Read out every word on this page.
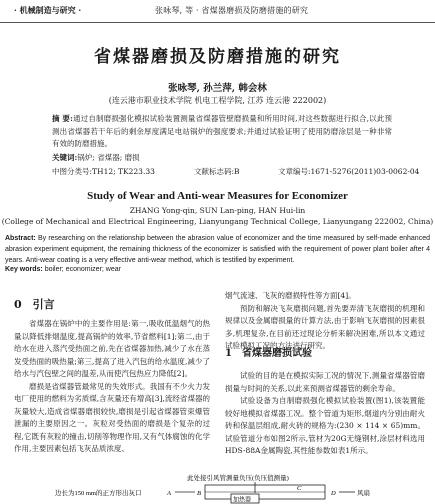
· 机械制造与研究 ·	张咏琴, 等 · 省煤器磨损及防磨措施的研究
省煤器磨损及防磨措施的研究
张咏琴, 孙兰萍, 韩会林
(连云港市职业技术学院 机电工程学院, 江苏 连云港 222002)
摘 要:通过自制磨损强化模拟试验装置测量省煤器管壁磨损量和所用时间,对这些数据进行拟合,以此预测出省煤器若干年后的剩余厚度满足电站锅炉的强度要求;并通过试验证明了使用防磨涂层是一种非常有效的防磨措施。
关键词:锅炉; 省煤器; 磨损
中图分类号:TH12; TK223.33	文献标志码:B	文章编号:1671-5276(2011)03-0062-04
Study of Wear and Anti-wear Measures for Economizer
ZHANG Yong-qin, SUN Lan-ping, HAN Hui-lin
(College of Mechanical and Electrical Engineering, Lianyungang Technical College, Lianyungang 222002, China)
Abstract: By researching on the relationship between the abrasion value of economizer and the time measured by self-made enhanced abrasion experiment equipment, the remaining thickness of the economizer is satisfied with the requirement of power plant boiler after 4 years. Anti-wear coating is a very effective anti-wear method, which is testified by experiment.
Key words: boiler; economizer; wear
0　引言
省煤器在锅炉中的主要作用是:第一,吸收低温烟气的热量以降低排烟温度,提高锅炉的效率,节省燃料[1];第二,由于给水在进入蒸汽受热面之前,先在省煤器加热,减少了水在蒸发受热面的吸热量;第三,提高了进入汽包的给水温度,减少了给水与汽包壁之间的温差,从而使汽包热应力降低[2]。
磨损是省煤器管最常见的失效形式。我国有不少火力发电厂使用的燃料为劣质煤,含灰量还有增高[3],流经省煤器的灰量较大,造成省煤器磨损较快,磨损是引起省煤器管束爆管泄漏的主要原因之一。灰粒对受热面的磨损是个复杂的过程,它既有灰粒的撞击,切削等物理作用,又有气体腐蚀的化学作用,主要因素包括飞灰品质浓度、

烟气流速、飞灰的磨损特性等方面[4]。

预防和解决飞灰磨损问题,首先要弄清飞灰磨损的机理和规律以及金属磨损量的计算方法,由于影响飞灰磨损的因素很多,机理复杂,在目前还过现论分析来解决困难,所以本文通过试验模拟工况的方法进行研究。

1　省煤器磨损试验

试验的目的是在模拟实际工况的情况下,测量省煤器管磨损量与时间的关系,以此来预测省煤器管的剩余寿命。

试验设备为自制磨损强化模拟试验装置(图1),该装置能较好地模拟省煤器工况。整个管道为矩形,烟道内分别由耐火砖和保温层组成,耐火砖的规格为:(230 × 114 × 65)mm。试验管道分布如图2所示,管材为20G无缝钢材,涂层材料选用HDS-88A金属陶瓷,其性能参数如表1所示。

此处接引风管测量负压(负压值测量)
边长为150 mm的正方形出灰口	A	B
加热器
C
D	风扇
